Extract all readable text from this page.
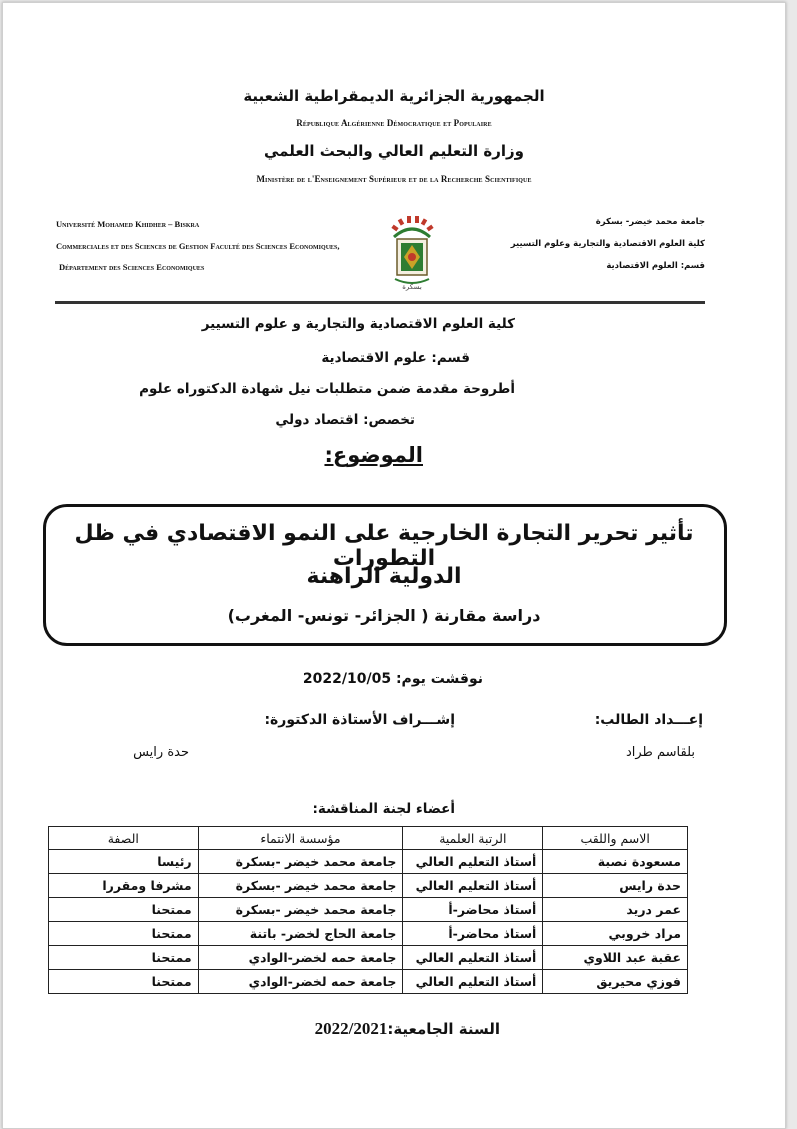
الجمهورية الجزائرية الديمقراطية الشعبية
République Algérienne Démocratique et Populaire
وزارة التعليم العالي والبحث العلمي
Ministère de l'Enseignement Supérieur et de la Recherche Scientifique
Université Mohamed Khidher – Biskra
Commerciales et des Sciences de Gestion Faculté des Sciences Economiques,
Département des Sciences Economiques
جامعة محمد خيضر- بسكرة
كلية العلوم الاقتصادية والتجارية وعلوم التسيير
قسم: العلوم الاقتصادية
بسكرة
كلية العلوم الاقتصادية والتجارية و علوم التسيير
قسم: علوم الاقتصادية
أطروحة مقدمة ضمن متطلبات نيل شهادة الدكتوراه علوم
تخصص: اقتصاد دولي
الموضوع:
تأثير تحرير التجارة الخارجية على النمو الاقتصادي في ظل التطورات
الدولية الراهنة
دراسة مقارنة ( الجزائر- تونس- المغرب)
نوقشت يوم: 2022/10/05
إعـــداد الطالب:
إشـــراف الأستاذة الدكتورة:
بلقاسم طراد
حدة رايس
أعضاء لجنة المناقشة:
الاسم واللقب	الرتبة العلمية	مؤسسة الانتماء	الصفة
مسعودة نصبة	أستاذ التعليم العالي	جامعة محمد خيضر -بسكرة	رئيسا
حدة رايس	أستاذ التعليم العالي	جامعة محمد خيضر -بسكرة	مشرفا ومقررا
عمر دريد	أستاذ محاضر-أ	جامعة محمد خيضر -بسكرة	ممتحنا
مراد خروبي	أستاذ محاضر-أ	جامعة الحاج لخضر- باتنة	ممتحنا
عقبة عبد اللاوي	أستاذ التعليم العالي	جامعة حمه لخضر-الوادي	ممتحنا
فوزي محيريق	أستاذ التعليم العالي	جامعة حمه لخضر-الوادي	ممتحنا
السنة الجامعية:2022/2021
